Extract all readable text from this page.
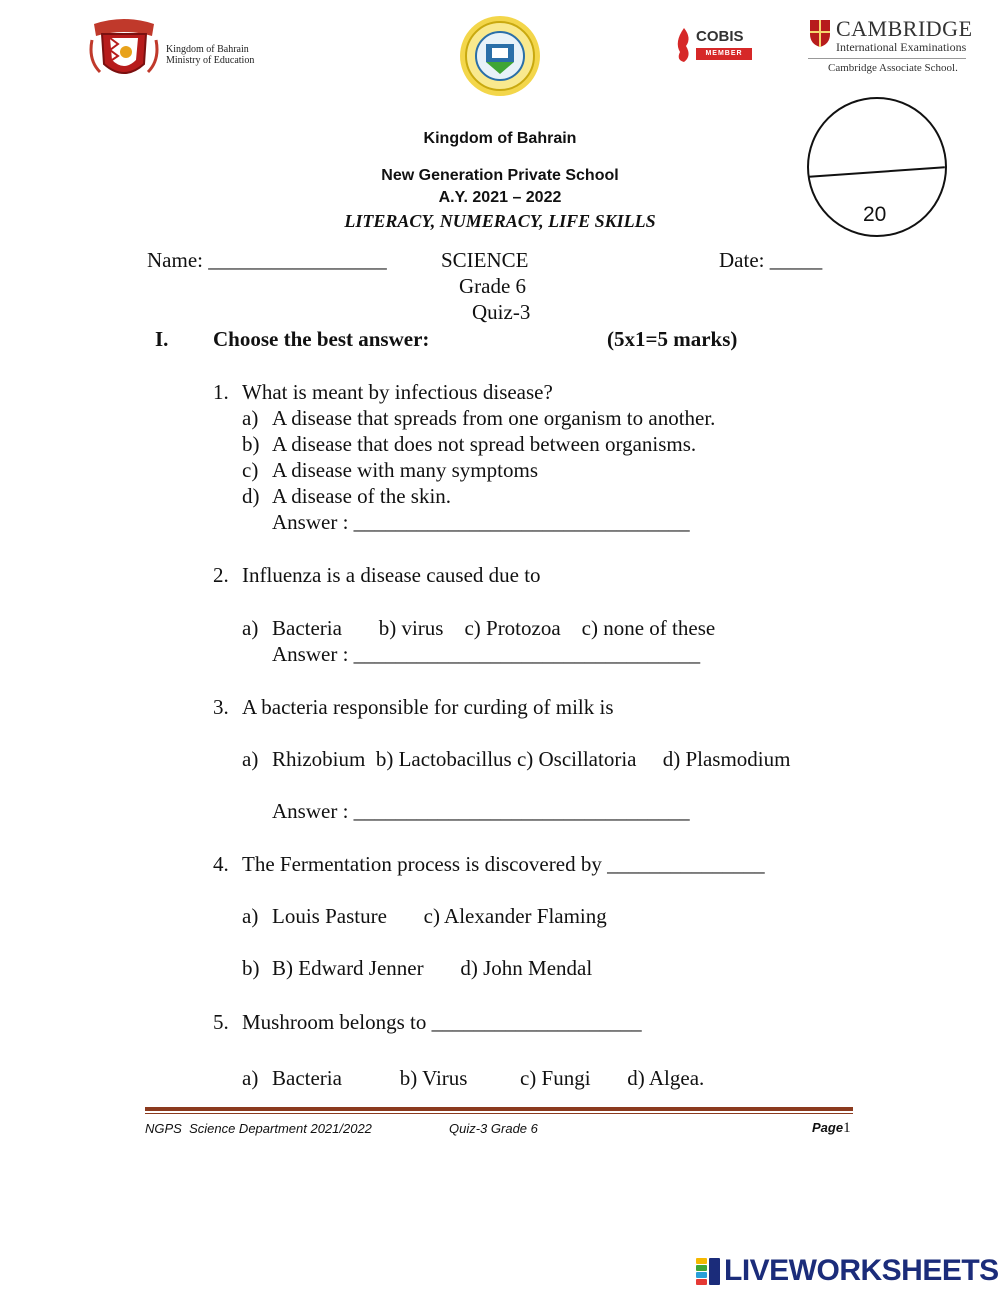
Kingdom of Bahrain
Ministry of Education
COBIS
MEMBER
CAMBRIDGE
International Examinations
Cambridge Associate School.
Kingdom of Bahrain
New Generation Private School
A.Y. 2021 – 2022
LITERACY, NUMERACY, LIFE SKILLS	20
Name: _________________	SCIENCE	Date: _____
Grade 6
Quiz-3
I. Choose the best answer:	(5x1=5 marks)
1. What is meant by infectious disease?
a) A disease that spreads from one organism to another.
b) A disease that does not spread between organisms.
c) A disease with many symptoms
d) A disease of the skin.
Answer : ________________________________
2. Influenza is a disease caused due to
a) Bacteria       b) virus    c) Protozoa    c) none of these
Answer : _________________________________
3. A bacteria responsible for curding of milk is
a) Rhizobium  b) Lactobacillus c) Oscillatoria     d) Plasmodium
Answer : ________________________________
4. The Fermentation process is discovered by _______________
a) Louis Pasture       c) Alexander Flaming
b) B) Edward Jenner       d) John Mendal
5. Mushroom belongs to ____________________
a) Bacteria           b) Virus          c) Fungi       d) Algea.
NGPS  Science Department 2021/2022	Quiz-3 Grade 6	Page1
LIVEWORKSHEETS
